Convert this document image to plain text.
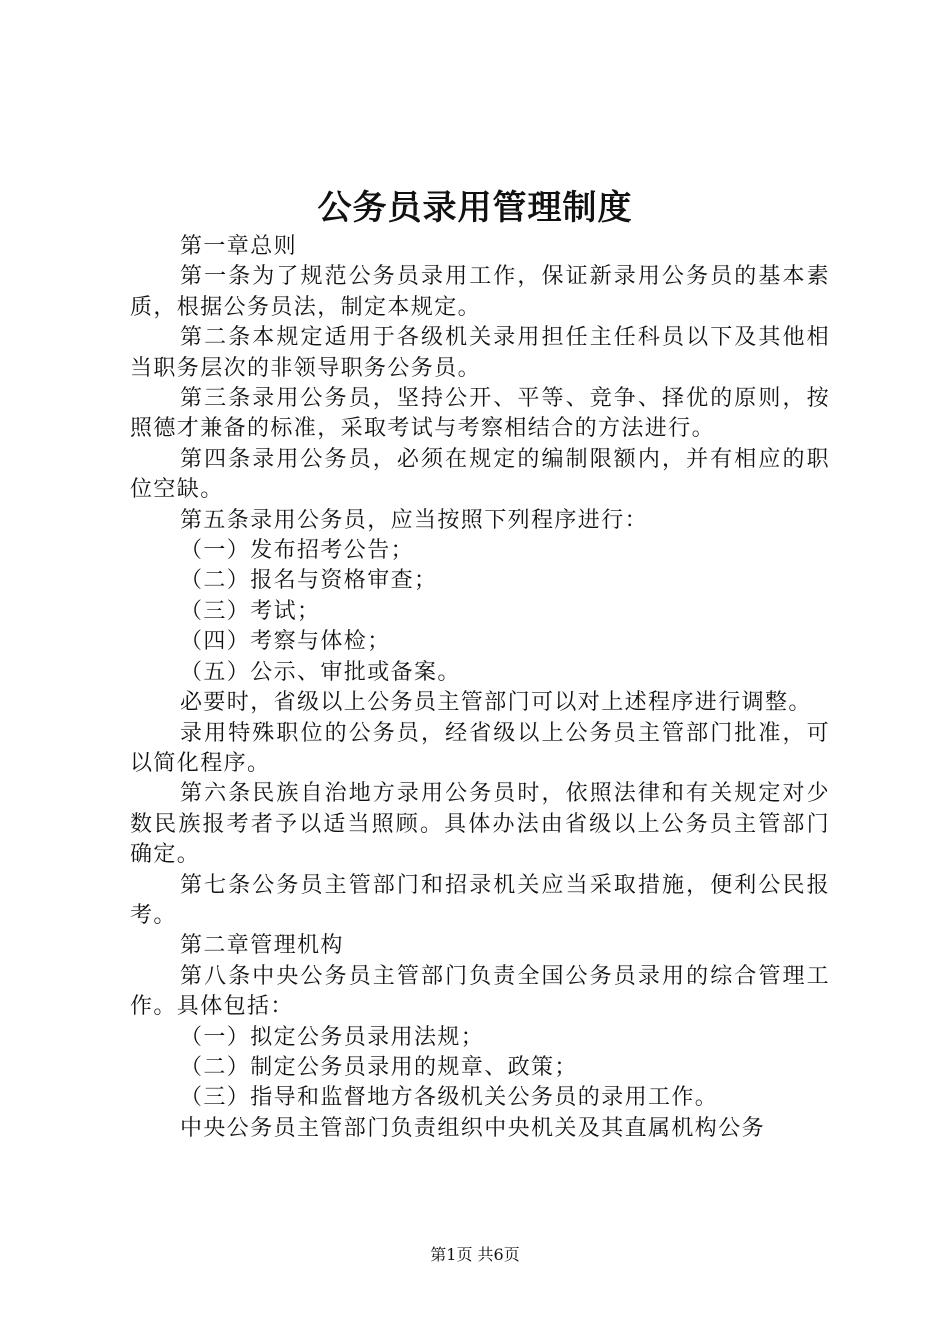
公务员录用管理制度

第一章总则

第一条为了规范公务员录用工作，保证新录用公务员的基本素质，根据公务员法，制定本规定。

第二条本规定适用于各级机关录用担任主任科员以下及其他相当职务层次的非领导职务公务员。

第三条录用公务员，坚持公开、平等、竞争、择优的原则，按照德才兼备的标准，采取考试与考察相结合的方法进行。

第四条录用公务员，必须在规定的编制限额内，并有相应的职位空缺。

第五条录用公务员，应当按照下列程序进行：

（一）发布招考公告；

（二）报名与资格审查；

（三）考试；

（四）考察与体检；

（五）公示、审批或备案。

必要时，省级以上公务员主管部门可以对上述程序进行调整。

录用特殊职位的公务员，经省级以上公务员主管部门批准，可以简化程序。

第六条民族自治地方录用公务员时，依照法律和有关规定对少数民族报考者予以适当照顾。具体办法由省级以上公务员主管部门确定。

第七条公务员主管部门和招录机关应当采取措施，便利公民报考。

第二章管理机构

第八条中央公务员主管部门负责全国公务员录用的综合管理工作。具体包括：

（一）拟定公务员录用法规；

（二）制定公务员录用的规章、政策；

（三）指导和监督地方各级机关公务员的录用工作。

中央公务员主管部门负责组织中央机关及其直属机构公务

第1页 共6页
